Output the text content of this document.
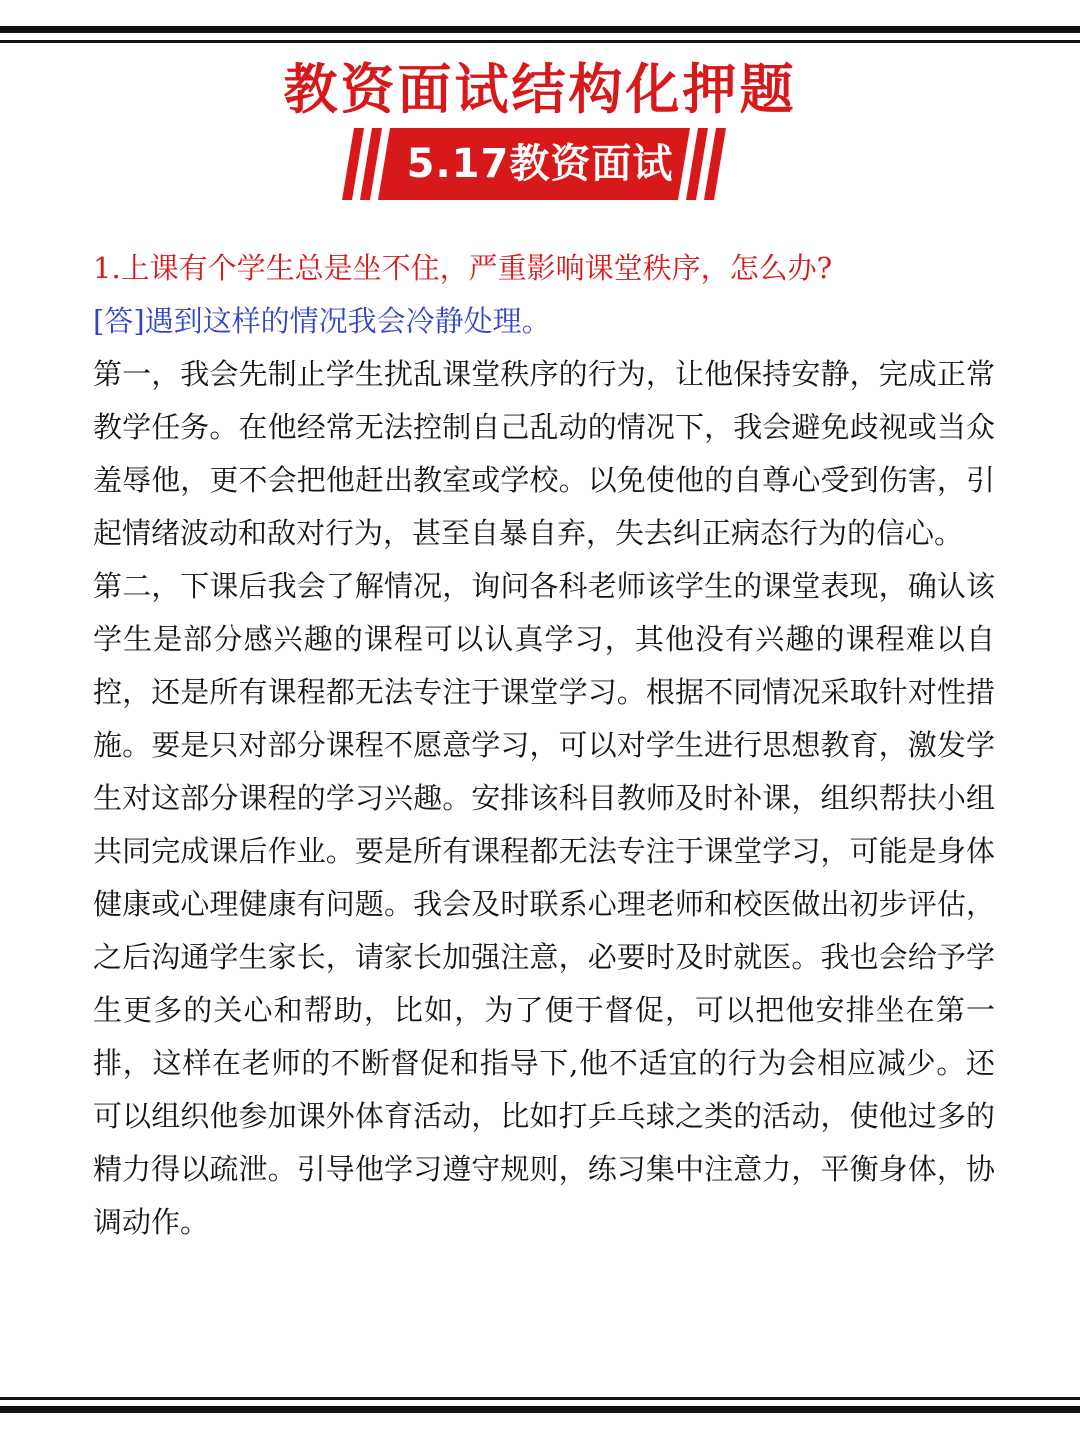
教资面试结构化押题
5.17教资面试

1.上课有个学生总是坐不住，严重影响课堂秩序，怎么办?

[答]遇到这样的情况我会冷静处理。

第一，我会先制止学生扰乱课堂秩序的行为，让他保持安静，完成正常教学任务。在他经常无法控制自己乱动的情况下，我会避免歧视或当众羞辱他，更不会把他赶出教室或学校。以免使他的自尊心受到伤害，引起情绪波动和敌对行为，甚至自暴自弃，失去纠正病态行为的信心。

第二，下课后我会了解情况，询问各科老师该学生的课堂表现，确认该学生是部分感兴趣的课程可以认真学习，其他没有兴趣的课程难以自控，还是所有课程都无法专注于课堂学习。根据不同情况采取针对性措施。要是只对部分课程不愿意学习，可以对学生进行思想教育，激发学生对这部分课程的学习兴趣。安排该科目教师及时补课，组织帮扶小组共同完成课后作业。要是所有课程都无法专注于课堂学习，可能是身体健康或心理健康有问题。我会及时联系心理老师和校医做出初步评估，之后沟通学生家长，请家长加强注意，必要时及时就医。我也会给予学生更多的关心和帮助，比如，为了便于督促，可以把他安排坐在第一排，这样在老师的不断督促和指导下,他不适宜的行为会相应减少。还可以组织他参加课外体育活动，比如打乒乓球之类的活动，使他过多的精力得以疏泄。引导他学习遵守规则，练习集中注意力，平衡身体，协调动作。
